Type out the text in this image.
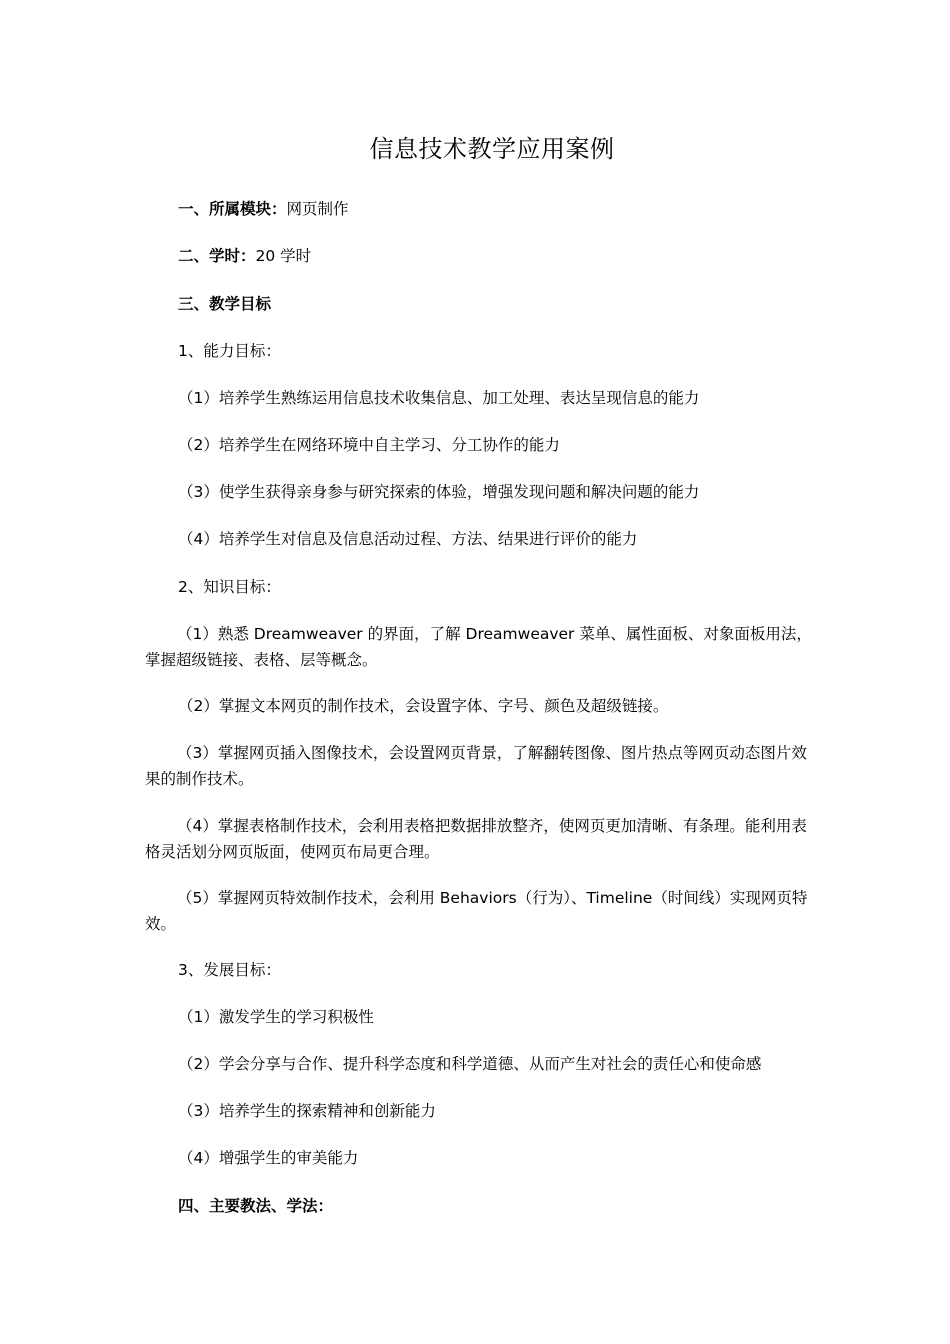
信息技术教学应用案例
一、所属模块：网页制作
二、学时：20 学时
三、教学目标
1、能力目标：
（1）培养学生熟练运用信息技术收集信息、加工处理、表达呈现信息的能力
（2）培养学生在网络环境中自主学习、分工协作的能力
（3）使学生获得亲身参与研究探索的体验，增强发现问题和解决问题的能力
（4）培养学生对信息及信息活动过程、方法、结果进行评价的能力
2、知识目标：
（1）熟悉 Dreamweaver 的界面，了解 Dreamweaver 菜单、属性面板、对象面板用法，掌握超级链接、表格、层等概念。
（2）掌握文本网页的制作技术，会设置字体、字号、颜色及超级链接。
（3）掌握网页插入图像技术，会设置网页背景，了解翻转图像、图片热点等网页动态图片效果的制作技术。
（4）掌握表格制作技术，会利用表格把数据排放整齐，使网页更加清晰、有条理。能利用表格灵活划分网页版面，使网页布局更合理。
（5）掌握网页特效制作技术，会利用 Behaviors（行为）、Timeline（时间线）实现网页特效。
3、发展目标：
（1）激发学生的学习积极性
（2）学会分享与合作、提升科学态度和科学道德、从而产生对社会的责任心和使命感
（3）培养学生的探索精神和创新能力
（4）增强学生的审美能力
四、主要教法、学法：
